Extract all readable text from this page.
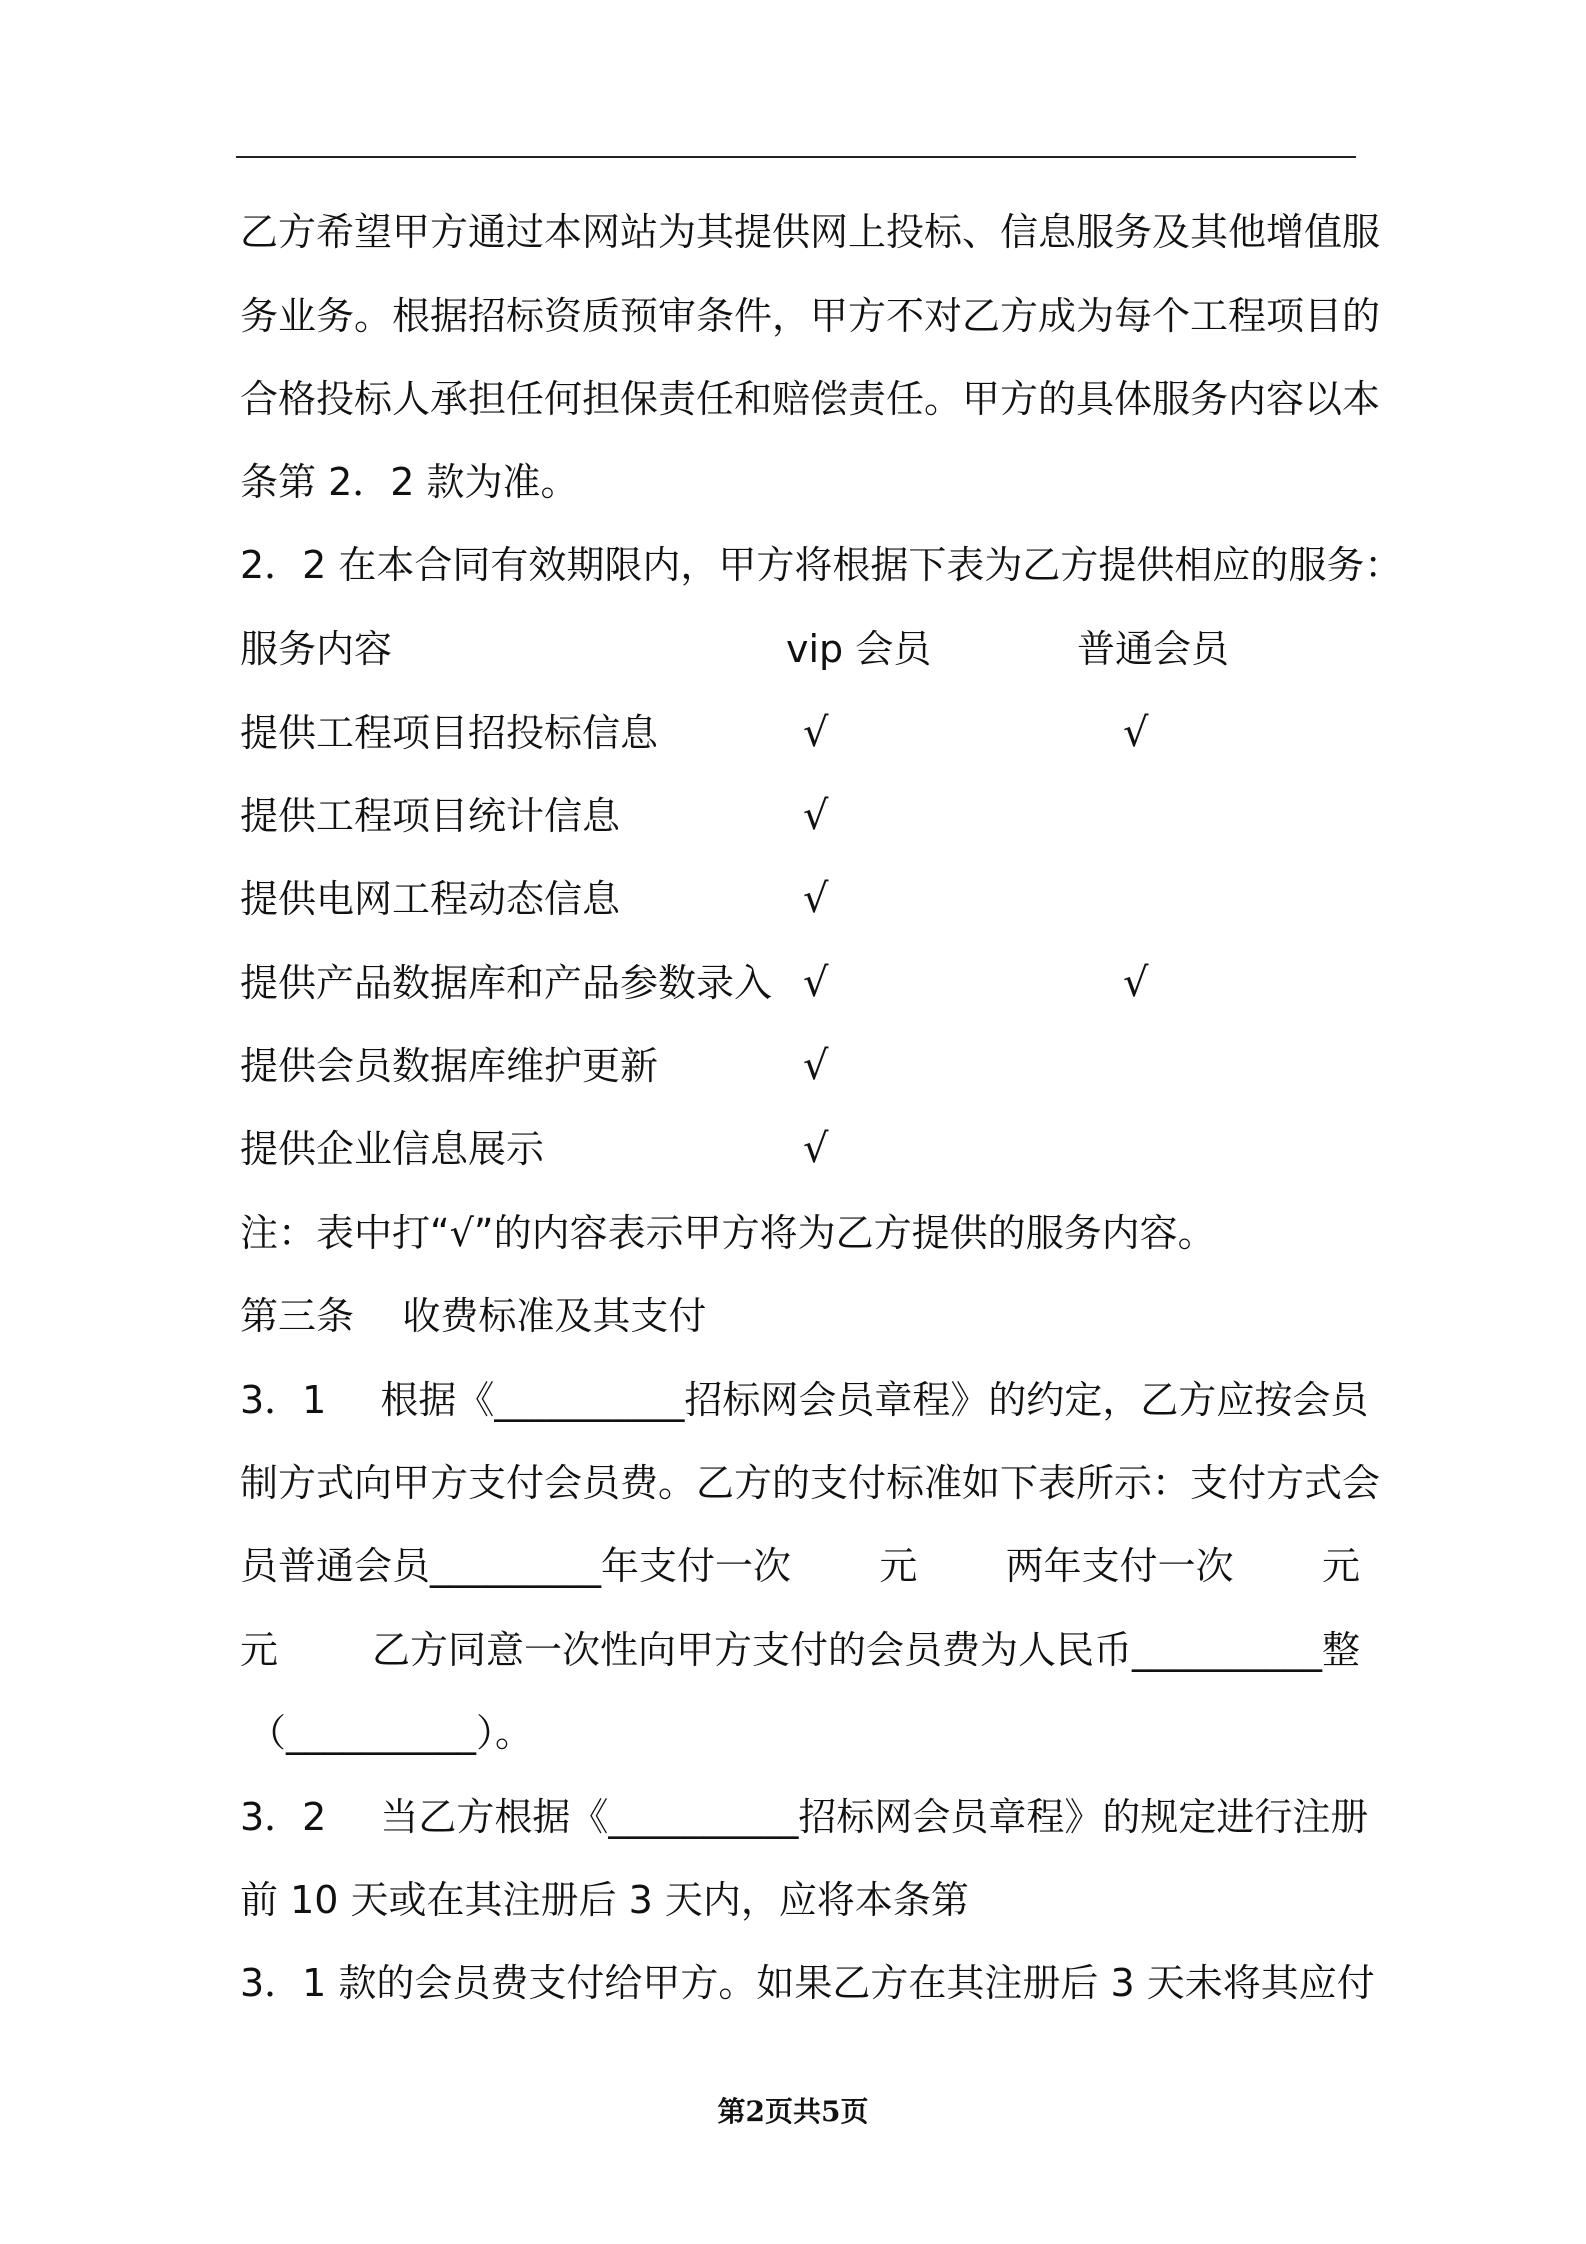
乙方希望甲方通过本网站为其提供网上投标、信息服务及其他增值服
务业务。根据招标资质预审条件，甲方不对乙方成为每个工程项目的
合格投标人承担任何担保责任和赔偿责任。甲方的具体服务内容以本
条第 2．2 款为准。
2．2 在本合同有效期限内，甲方将根据下表为乙方提供相应的服务：
服务内容	vip 会员	普通会员
提供工程项目招投标信息	√	√
提供工程项目统计信息	√
提供电网工程动态信息	√
提供产品数据库和产品参数录入 √	√
提供会员数据库维护更新	√
提供企业信息展示	√
注：表中打“√”的内容表示甲方将为乙方提供的服务内容。
第三条    收费标准及其支付
3．1 根据《__________招标网会员章程》的约定，乙方应按会员
制方式向甲方支付会员费。乙方的支付标准如下表所示：支付方式会
员普通会员_________年支付一次 元 两年支付一次 元
元 乙方同意一次性向甲方支付的会员费为人民币__________整
（__________）。
3．2 当乙方根据《__________招标网会员章程》的规定进行注册
前 10 天或在其注册后 3 天内，应将本条第
3．1 款的会员费支付给甲方。如果乙方在其注册后 3 天未将其应付
第2页共5页
